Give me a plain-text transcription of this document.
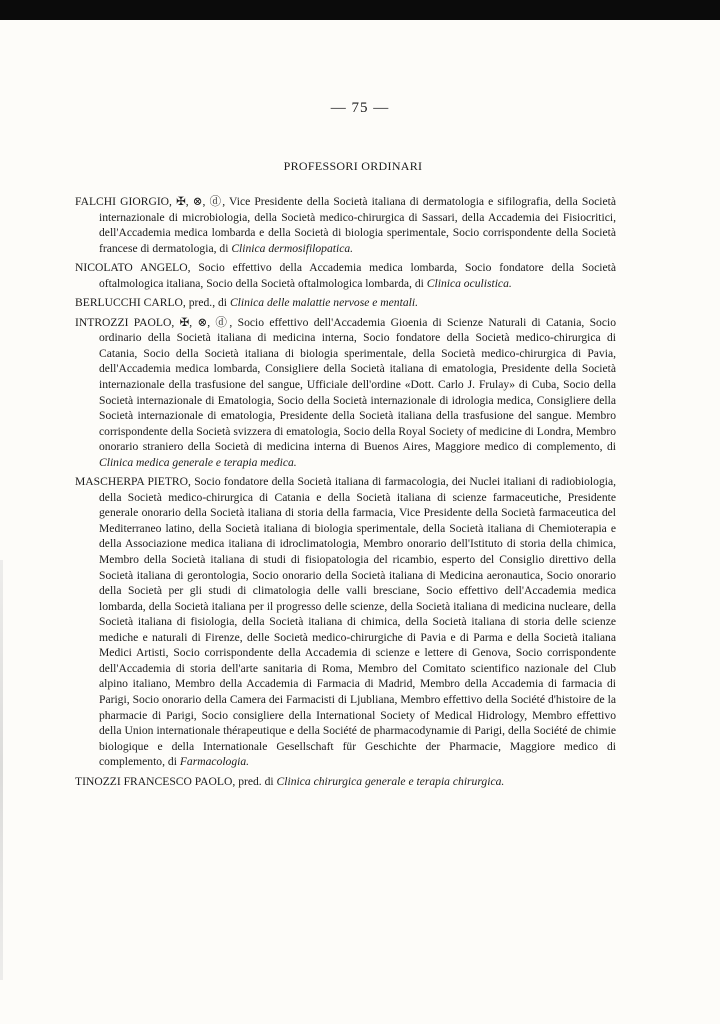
— 75 —
PROFESSORI ORDINARI

FALCHI GIORGIO, ✠, ⊗, ⓓ, Vice Presidente della Società italiana di dermatologia e sifilografia, della Società internazionale di microbiologia, della Società medico-chirurgica di Sassari, della Accademia dei Fisiocritici, dell'Accademia medica lombarda e della Società di biologia sperimentale, Socio corrispondente della Società francese di dermatologia, di Clinica dermosifilopatica.

NICOLATO ANGELO, Socio effettivo della Accademia medica lombarda, Socio fondatore della Società oftalmologica italiana, Socio della Società oftalmologica lombarda, di Clinica oculistica.

BERLUCCHI CARLO, pred., di Clinica delle malattie nervose e mentali.

INTROZZI PAOLO, ✠, ⊗, ⓓ, Socio effettivo dell'Accademia Gioenia di Scienze Naturali di Catania, Socio ordinario della Società italiana di medicina interna, Socio fondatore della Società medico-chirurgica di Catania, Socio della Società italiana di biologia sperimentale, della Società medico-chirurgica di Pavia, dell'Accademia medica lombarda, Consigliere della Società italiana di ematologia, Presidente della Società internazionale della trasfusione del sangue, Ufficiale dell'ordine «Dott. Carlo J. Frulay» di Cuba, Socio della Società internazionale di Ematologia, Socio della Società internazionale di idrologia medica, Consigliere della Società internazionale di ematologia, Presidente della Società italiana della trasfusione del sangue. Membro corrispondente della Società svizzera di ematologia, Socio della Royal Society of medicine di Londra, Membro onorario straniero della Società di medicina interna di Buenos Aires, Maggiore medico di complemento, di Clinica medica generale e terapia medica.

MASCHERPA PIETRO, Socio fondatore della Società italiana di farmacologia, dei Nuclei italiani di radiobiologia, della Società medico-chirurgica di Catania e della Società italiana di scienze farmaceutiche, Presidente generale onorario della Società italiana di storia della farmacia, Vice Presidente della Società farmaceutica del Mediterraneo latino, della Società italiana di biologia sperimentale, della Società italiana di Chemioterapia e della Associazione medica italiana di idroclimatologia, Membro onorario dell'Istituto di storia della chimica, Membro della Società italiana di studi di fisiopatologia del ricambio, esperto del Consiglio direttivo della Società italiana di gerontologia, Socio onorario della Società italiana di Medicina aeronautica, Socio onorario della Società per gli studi di climatologia delle valli bresciane, Socio effettivo dell'Accademia medica lombarda, della Società italiana per il progresso delle scienze, della Società italiana di medicina nucleare, della Società italiana di fisiologia, della Società italiana di chimica, della Società italiana di storia delle scienze mediche e naturali di Firenze, delle Società medico-chirurgiche di Pavia e di Parma e della Società italiana Medici Artisti, Socio corrispondente della Accademia di scienze e lettere di Genova, Socio corrispondente dell'Accademia di storia dell'arte sanitaria di Roma, Membro del Comitato scientifico nazionale del Club alpino italiano, Membro della Accademia di Farmacia di Madrid, Membro della Accademia di farmacia di Parigi, Socio onorario della Camera dei Farmacisti di Ljubliana, Membro effettivo della Société d'histoire de la pharmacie di Parigi, Socio consigliere della International Society of Medical Hidrology, Membro effettivo della Union internationale thérapeutique e della Société de pharmacodynamie di Parigi, della Société de chimie biologique e della Internationale Gesellschaft für Geschichte der Pharmacie, Maggiore medico di complemento, di Farmacologia.

TINOZZI FRANCESCO PAOLO, pred. di Clinica chirurgica generale e terapia chirurgica.
